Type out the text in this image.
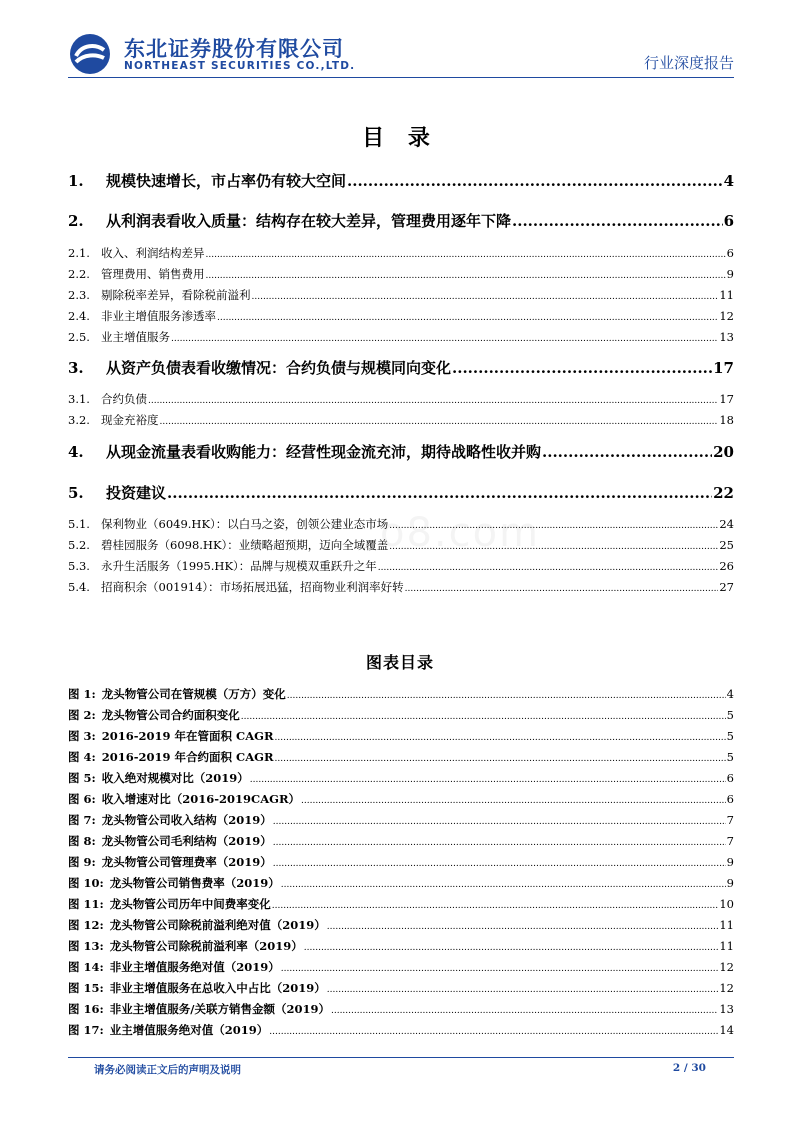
东北证券股份有限公司
NORTHEAST SECURITIES CO.,LTD.	行业深度报告
目 录
1.	规模快速增长，市占率仍有较大空间 .....	4
2.	从利润表看收入质量：结构存在较大差异，管理费用逐年下降 .....	6
2.1. 收入、利润结构差异 .....	6
2.2. 管理费用、销售费用 .....	9
2.3. 剔除税率差异，看除税前溢利 .....	11
2.4. 非业主增值服务渗透率 .....	12
2.5. 业主增值服务 .....	13
3.	从资产负债表看收缴情况：合约负债与规模同向变化 .....	17
3.1. 合约负债 .....	17
3.2. 现金充裕度 .....	18
4.	从现金流量表看收购能力：经营性现金流充沛，期待战略性收并购 .....	20
5.	投资建议 .....	22
5.1. 保利物业（6049.HK）：以白马之姿，创领公建业态市场 .....	24
5.2. 碧桂园服务（6098.HK）：业绩略超预期，迈向全域覆盖 .....	25
5.3. 永升生活服务（1995.HK）：品牌与规模双重跃升之年 .....	26
5.4. 招商积余（001914）：市场拓展迅猛，招商物业利润率好转 .....	27
o8.com
图表目录
图 1: 龙头物管公司在管规模（万方）变化 .....	4
图 2: 龙头物管公司合约面积变化 .....	5
图 3: 2016-2019 年在管面积 CAGR .....	5
图 4: 2016-2019 年合约面积 CAGR .....	5
图 5: 收入绝对规模对比（2019） .....	6
图 6: 收入增速对比（2016-2019CAGR） .....	6
图 7: 龙头物管公司收入结构（2019） .....	7
图 8: 龙头物管公司毛利结构（2019） .....	7
图 9: 龙头物管公司管理费率（2019） .....	9
图 10: 龙头物管公司销售费率（2019） .....	9
图 11: 龙头物管公司历年中间费率变化 .....	10
图 12: 龙头物管公司除税前溢利绝对值（2019） .....	11
图 13: 龙头物管公司除税前溢利率（2019） .....	11
图 14: 非业主增值服务绝对值（2019） .....	12
图 15: 非业主增值服务在总收入中占比（2019） .....	12
图 16: 非业主增值服务/关联方销售金额（2019） .....	13
图 17: 业主增值服务绝对值（2019） .....	14
请务必阅读正文后的声明及说明	2 / 30
